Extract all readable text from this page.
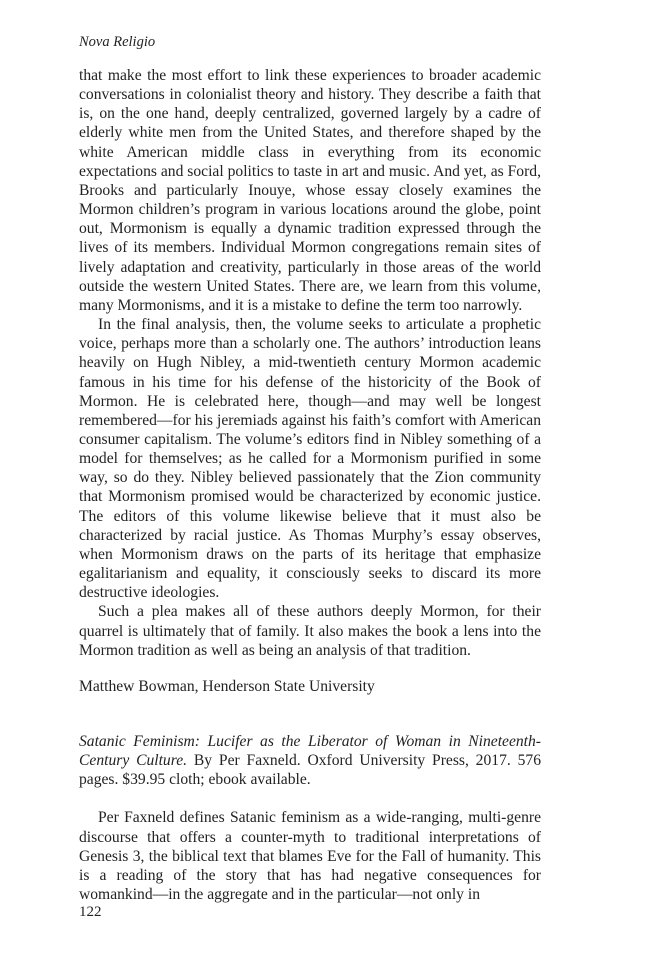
Nova Religio

that make the most effort to link these experiences to broader academic conversations in colonialist theory and history. They describe a faith that is, on the one hand, deeply centralized, governed largely by a cadre of elderly white men from the United States, and therefore shaped by the white American middle class in everything from its economic expectations and social politics to taste in art and music. And yet, as Ford, Brooks and particularly Inouye, whose essay closely examines the Mormon children’s program in various locations around the globe, point out, Mormonism is equally a dynamic tradition expressed through the lives of its members. Individual Mormon congregations remain sites of lively adaptation and creativity, particularly in those areas of the world outside the western United States. There are, we learn from this volume, many Mormonisms, and it is a mistake to define the term too narrowly.

In the final analysis, then, the volume seeks to articulate a prophetic voice, perhaps more than a scholarly one. The authors’ introduction leans heavily on Hugh Nibley, a mid-twentieth century Mormon academic famous in his time for his defense of the historicity of the Book of Mormon. He is celebrated here, though—and may well be longest remembered—for his jeremiads against his faith’s comfort with American consumer capitalism. The volume’s editors find in Nibley something of a model for themselves; as he called for a Mormonism purified in some way, so do they. Nibley believed passionately that the Zion community that Mormonism promised would be characterized by economic justice. The editors of this volume likewise believe that it must also be characterized by racial justice. As Thomas Murphy’s essay observes, when Mormonism draws on the parts of its heritage that emphasize egalitarianism and equality, it consciously seeks to discard its more destructive ideologies.

Such a plea makes all of these authors deeply Mormon, for their quarrel is ultimately that of family. It also makes the book a lens into the Mormon tradition as well as being an analysis of that tradition.

Matthew Bowman, Henderson State University

Satanic Feminism: Lucifer as the Liberator of Woman in Nineteenth-Century Culture. By Per Faxneld. Oxford University Press, 2017. 576 pages. $39.95 cloth; ebook available.

Per Faxneld defines Satanic feminism as a wide-ranging, multi-genre discourse that offers a counter-myth to traditional interpretations of Genesis 3, the biblical text that blames Eve for the Fall of humanity. This is a reading of the story that has had negative consequences for womankind—in the aggregate and in the particular—not only in

122
